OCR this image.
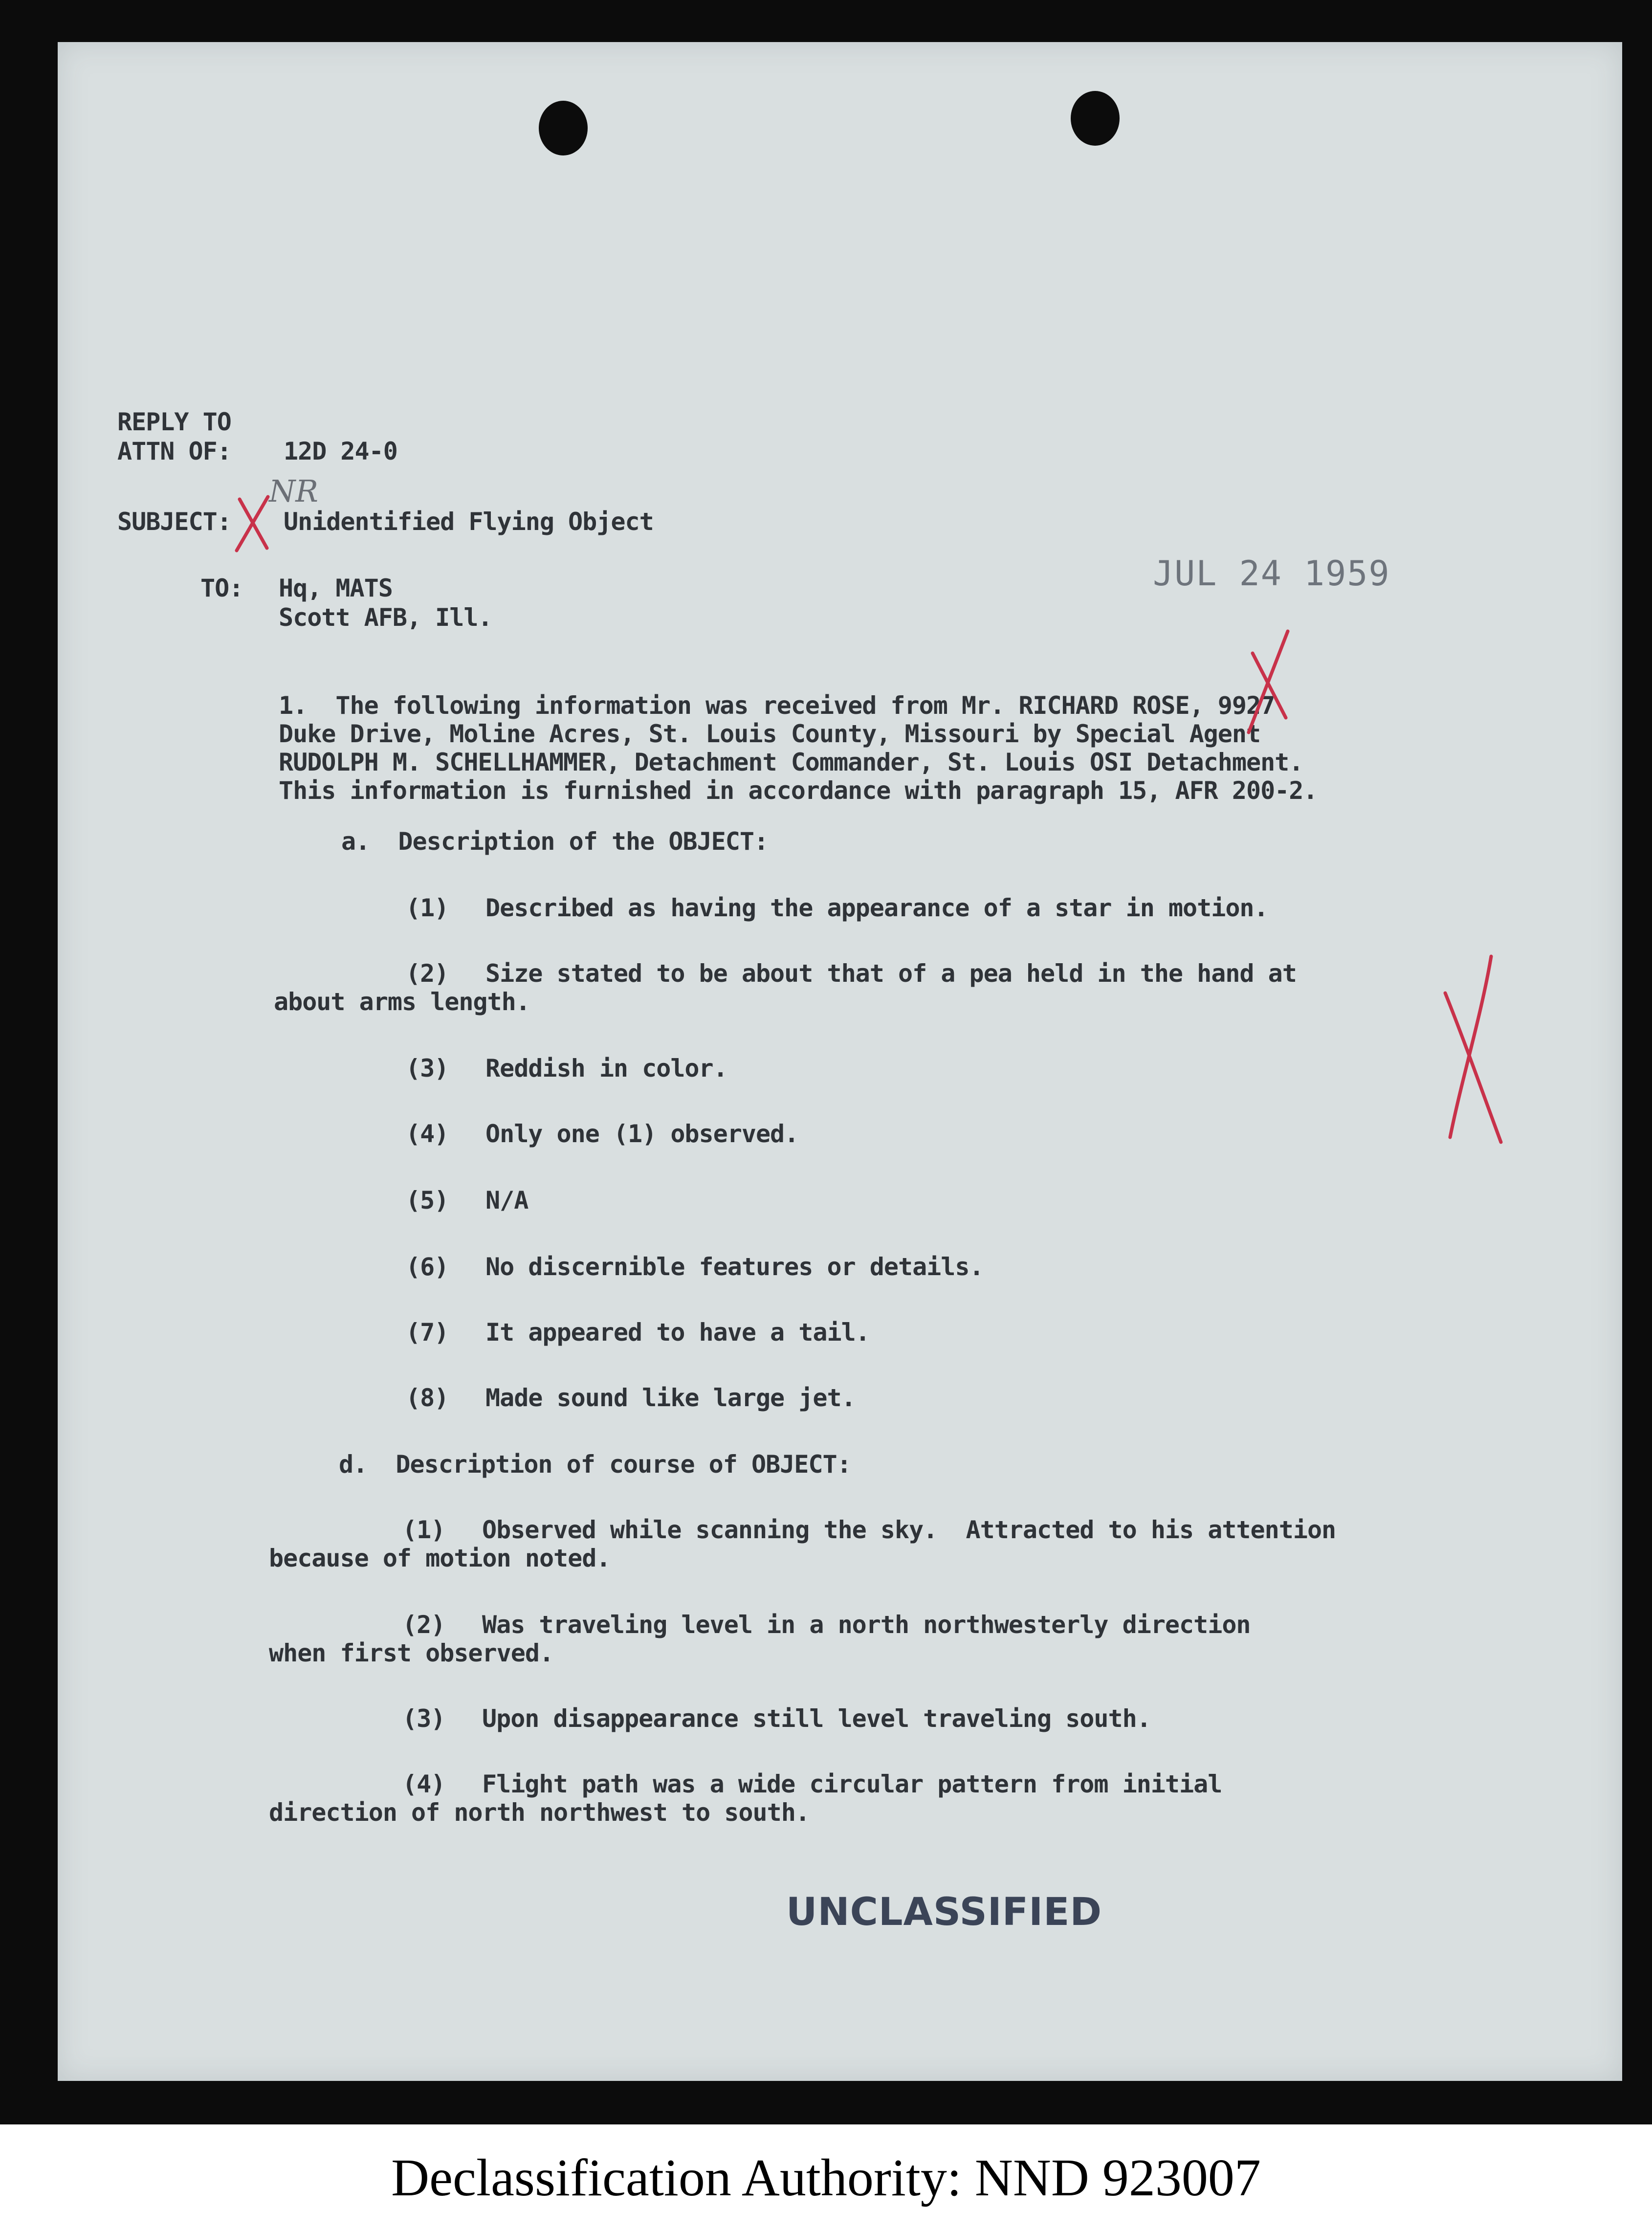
REPLY TO
ATTN OF: 12D 24-0
SUBJECT: Unidentified Flying Object
TO: Hq, MATS
Scott AFB, Ill.
JUL 24 1959
1.  The following information was received from Mr. RICHARD ROSE, 9927
Duke Drive, Moline Acres, St. Louis County, Missouri by Special Agent
RUDOLPH M. SCHELLHAMMER, Detachment Commander, St. Louis OSI Detachment.
This information is furnished in accordance with paragraph 15, AFR 200-2.
a.  Description of the OBJECT:
(1) Described as having the appearance of a star in motion.
(2) Size stated to be about that of a pea held in the hand at
about arms length.
(3) Reddish in color.
(4) Only one (1) observed.
(5) N/A
(6) No discernible features or details.
(7) It appeared to have a tail.
(8) Made sound like large jet.
d.  Description of course of OBJECT:
(1) Observed while scanning the sky.  Attracted to his attention
because of motion noted.
(2) Was traveling level in a north northwesterly direction
when first observed.
(3) Upon disappearance still level traveling south.
(4) Flight path was a wide circular pattern from initial
direction of north northwest to south.
UNCLASSIFIED
NR
Declassification Authority: NND 923007
